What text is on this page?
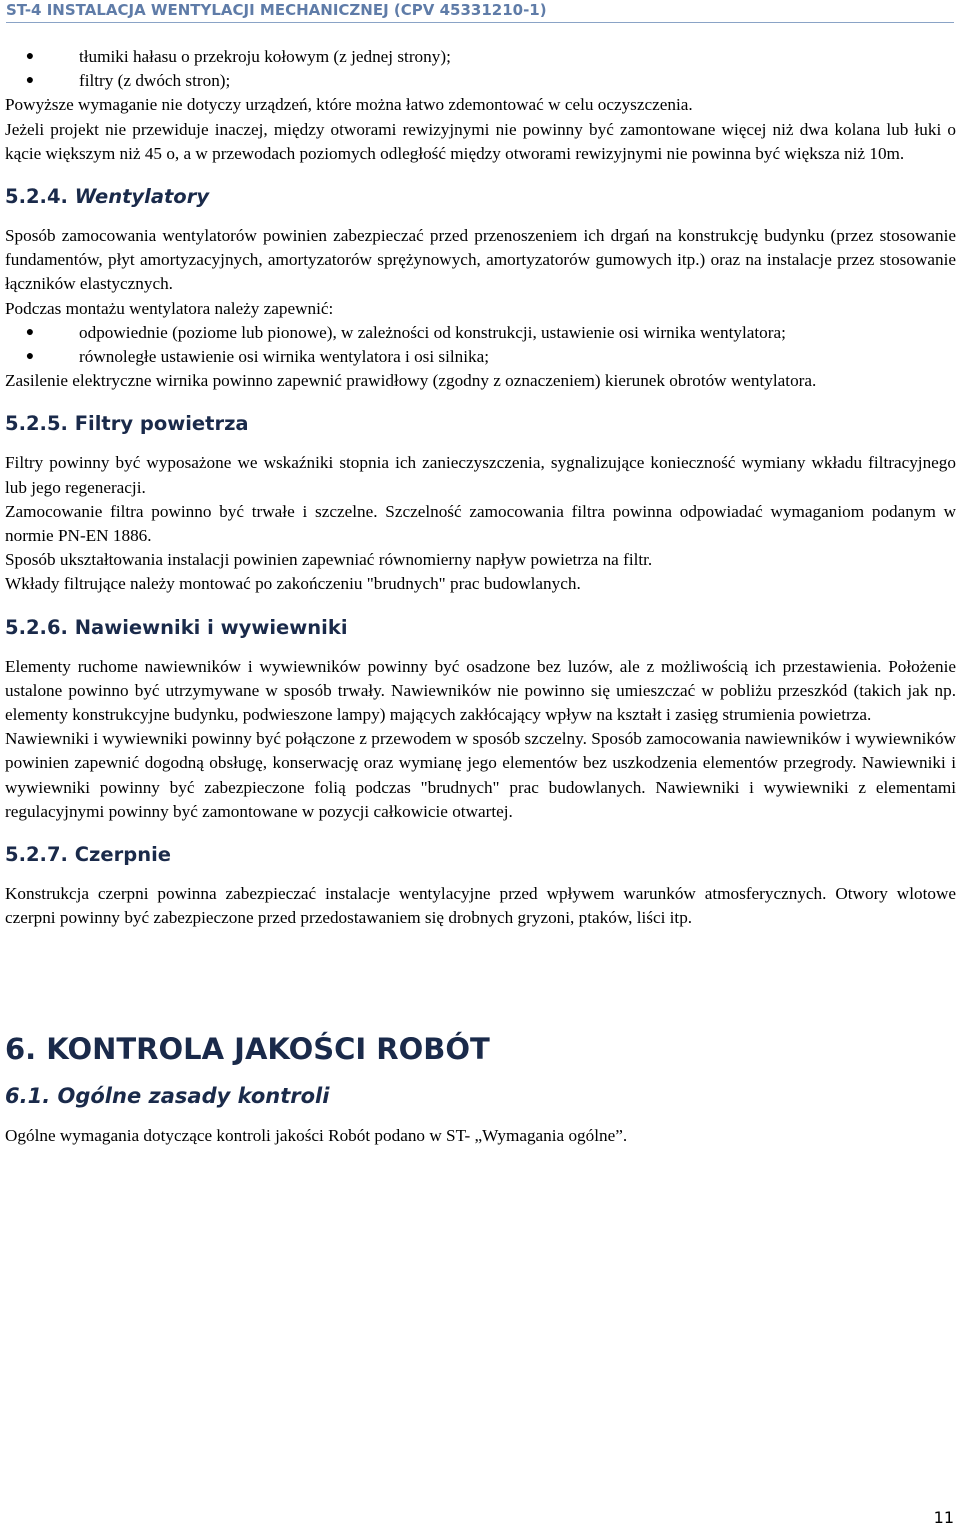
ST-4 INSTALACJA WENTYLACJI MECHANICZNEJ (CPV 45331210-1)
●	tłumiki hałasu o przekroju kołowym (z jednej strony);
●	filtry (z dwóch stron);

Powyższe wymaganie nie dotyczy urządzeń, które można łatwo zdemontować w celu oczyszczenia.

Jeżeli projekt nie przewiduje inaczej, między otworami rewizyjnymi nie powinny być zamontowane więcej niż dwa kolana lub łuki o kącie większym niż 45 o, a w przewodach poziomych odległość między otworami rewizyjnymi nie powinna być większa niż 10m.

5.2.4. Wentylatory

Sposób zamocowania wentylatorów powinien zabezpieczać przed przenoszeniem ich drgań na konstrukcję budynku (przez stosowanie fundamentów, płyt amortyzacyjnych, amortyzatorów sprężynowych, amortyzatorów gumowych itp.) oraz na instalacje przez stosowanie łączników elastycznych.

Podczas montażu wentylatora należy zapewnić:

●	odpowiednie (poziome lub pionowe), w zależności od konstrukcji, ustawienie osi wirnika wentylatora;
●	równoległe ustawienie osi wirnika wentylatora i osi silnika;

Zasilenie elektryczne wirnika powinno zapewnić prawidłowy (zgodny z oznaczeniem) kierunek obrotów wentylatora.

5.2.5. Filtry powietrza

Filtry powinny być wyposażone we wskaźniki stopnia ich zanieczyszczenia, sygnalizujące konieczność wymiany wkładu filtracyjnego lub jego regeneracji.

Zamocowanie filtra powinno być trwałe i szczelne. Szczelność zamocowania filtra powinna odpowiadać wymaganiom podanym w normie PN-EN 1886.

Sposób ukształtowania instalacji powinien zapewniać równomierny napływ powietrza na filtr.

Wkłady filtrujące należy montować po zakończeniu "brudnych" prac budowlanych.

5.2.6. Nawiewniki i wywiewniki

Elementy ruchome nawiewników i wywiewników powinny być osadzone bez luzów, ale z możliwością ich przestawienia. Położenie ustalone powinno być utrzymywane w sposób trwały. Nawiewników nie powinno się umieszczać w pobliżu przeszkód (takich jak np. elementy konstrukcyjne budynku, podwieszone lampy) mających zakłócający wpływ na kształt i zasięg strumienia powietrza.

Nawiewniki i wywiewniki powinny być połączone z przewodem w sposób szczelny. Sposób zamocowania nawiewników i wywiewników powinien zapewnić dogodną obsługę, konserwację oraz wymianę jego elementów bez uszkodzenia elementów przegrody. Nawiewniki i wywiewniki powinny być zabezpieczone folią podczas "brudnych" prac budowlanych. Nawiewniki i wywiewniki z elementami regulacyjnymi powinny być zamontowane w pozycji całkowicie otwartej.

5.2.7. Czerpnie

Konstrukcja czerpni powinna zabezpieczać instalacje wentylacyjne przed wpływem warunków atmosferycznych. Otwory wlotowe czerpni powinny być zabezpieczone przed przedostawaniem się drobnych gryzoni, ptaków, liści itp.

6. KONTROLA JAKOŚCI ROBÓT

6.1. Ogólne zasady kontroli

Ogólne wymagania dotyczące kontroli jakości Robót podano w ST- „Wymagania ogólne”.

11
